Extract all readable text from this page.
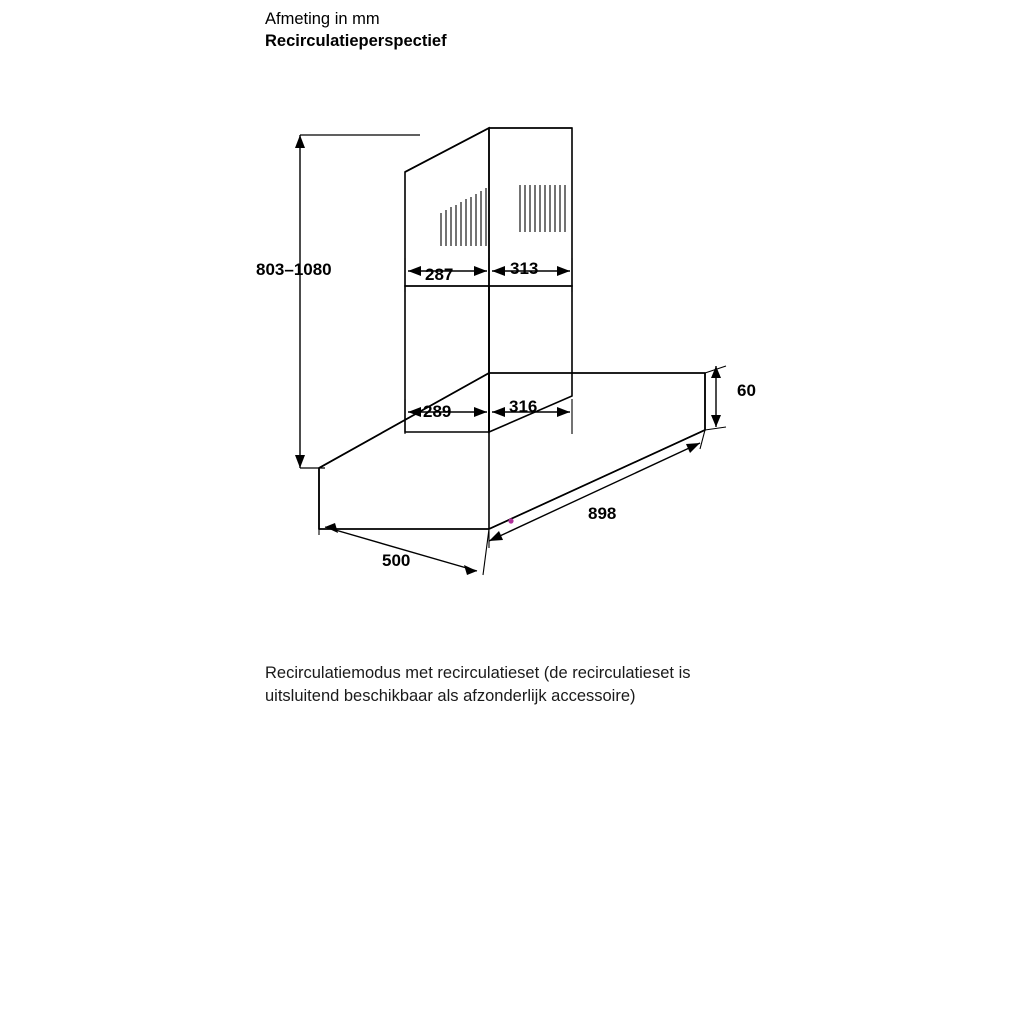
Afmeting in mm
Recirculatieperspectief
803–1080	287	313
289	316
60
898
500
Recirculatiemodus met recirculatieset (de recirculatieset is uitsluitend beschikbaar als afzonderlijk accessoire)
